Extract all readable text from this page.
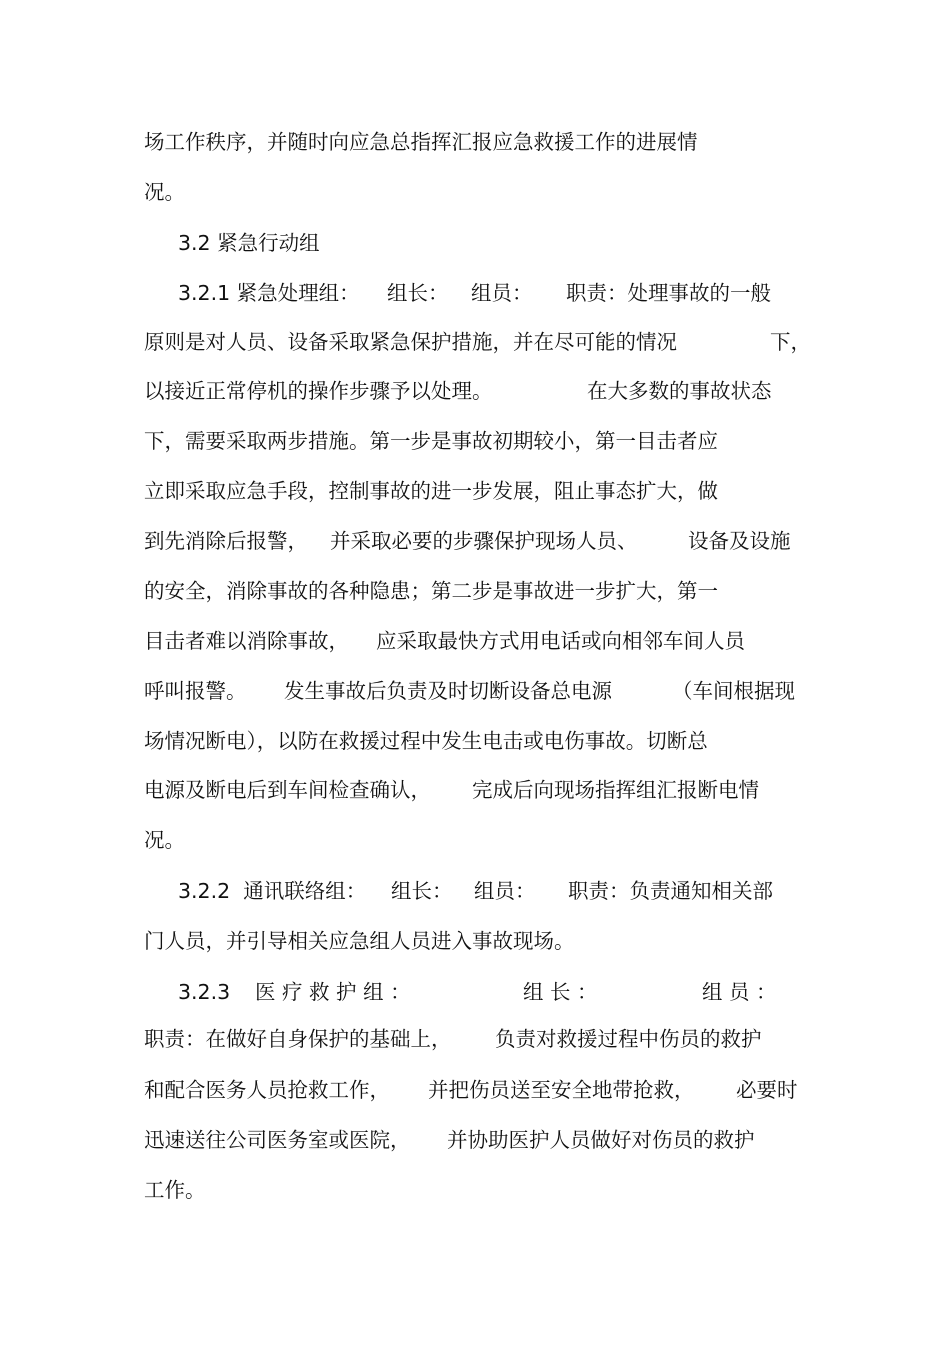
场工作秩序，并随时向应急总指挥汇报应急救援工作的进展情

况。

3.2 紧急行动组

3.2.1 紧急处理组：

组长：

组员：

职责：处理事故的一般

原则是对人员、设备采取紧急保护措施，并在尽可能的情况

	下，

以接近正常停机的操作步骤予以处理。

	在大多数的事故状态

下，需要采取两步措施。第一步是事故初期较小，第一目击者应

立即采取应急手段，控制事故的进一步发展，阻止事态扩大，做

到先消除后报警，

并采取必要的步骤保护现场人员、

设备及设施

的安全，消除事故的各种隐患；第二步是事故进一步扩大，第一

目击者难以消除事故，

应采取最快方式用电话或向相邻车间人员

呼叫报警。

发生事故后负责及时切断设备总电源

	（车间根据现

场情况断电），以防在救援过程中发生电击或电伤事故。切断总

电源及断电后到车间检查确认，

完成后向现场指挥组汇报断电情

况。

3.2.2  通讯联络组：

组长：

组员：

职责：负责通知相关部

门人员，并引导相关应急组人员进入事故现场。

3.2.3

医 疗 救 护 组 ：

	组 长 ：

	组 员 ：

职责：在做好自身保护的基础上，

负责对救援过程中伤员的救护

和配合医务人员抢救工作，

并把伤员送至安全地带抢救，

必要时

迅速送往公司医务室或医院，

并协助医护人员做好对伤员的救护

工作。
